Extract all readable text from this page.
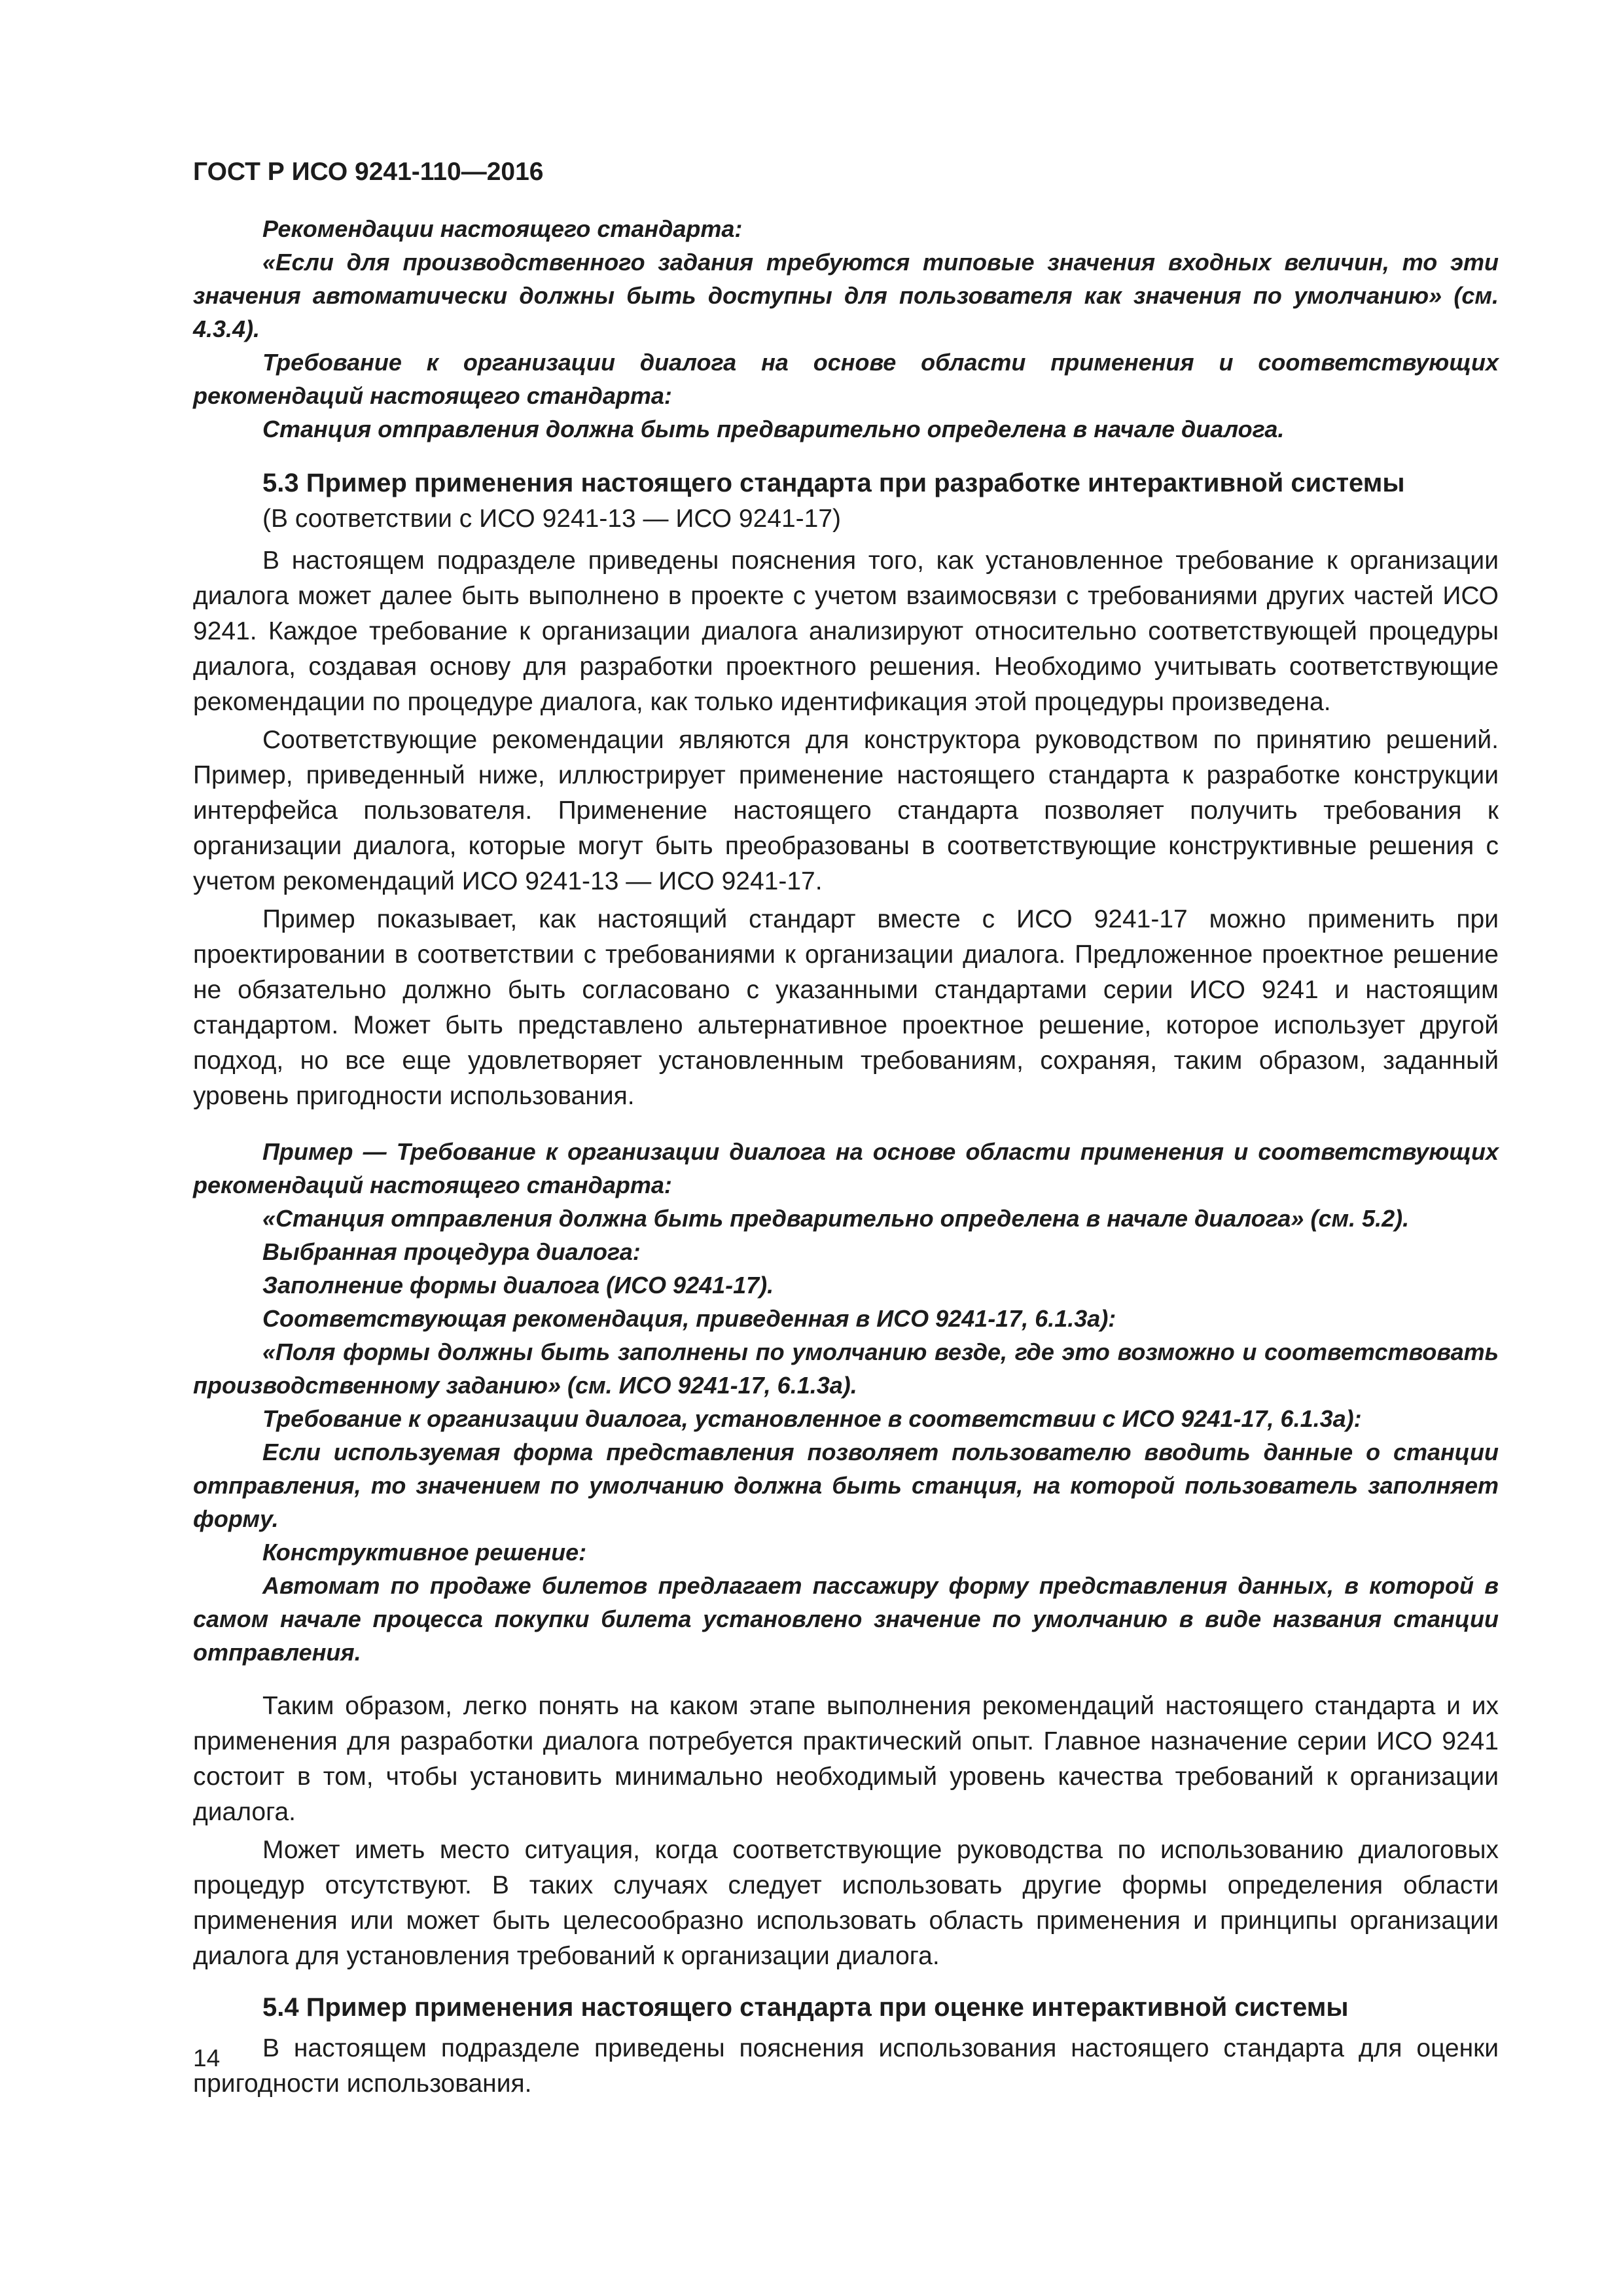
ГОСТ Р ИСО 9241-110—2016

Рекомендации настоящего стандарта:

«Если для производственного задания требуются типовые значения входных величин, то эти значения автоматически должны быть доступны для пользователя как значения по умолчанию» (см. 4.3.4).

Требование к организации диалога на основе области применения и соответствующих рекомендаций настоящего стандарта:

Станция отправления должна быть предварительно определена в начале диалога.

5.3 Пример применения настоящего стандарта при разработке интерактивной системы
(В соответствии с ИСО 9241-13 — ИСО 9241-17)

В настоящем подразделе приведены пояснения того, как установленное требование к организации диалога может далее быть выполнено в проекте с учетом взаимосвязи с требованиями других частей ИСО 9241. Каждое требование к организации диалога анализируют относительно соответствующей процедуры диалога, создавая основу для разработки проектного решения. Необходимо учитывать соответствующие рекомендации по процедуре диалога, как только идентификация этой процедуры произведена.

Соответствующие рекомендации являются для конструктора руководством по принятию решений. Пример, приведенный ниже, иллюстрирует применение настоящего стандарта к разработке конструкции интерфейса пользователя. Применение настоящего стандарта позволяет получить требования к организации диалога, которые могут быть преобразованы в соответствующие конструктивные решения с учетом рекомендаций ИСО 9241-13 — ИСО 9241-17.

Пример показывает, как настоящий стандарт вместе с ИСО 9241-17 можно применить при проектировании в соответствии с требованиями к организации диалога. Предложенное проектное решение не обязательно должно быть согласовано с указанными стандартами серии ИСО 9241 и настоящим стандартом. Может быть представлено альтернативное проектное решение, которое использует другой подход, но все еще удовлетворяет установленным требованиям, сохраняя, таким образом, заданный уровень пригодности использования.

Пример — Требование к организации диалога на основе области применения и соответствующих рекомендаций настоящего стандарта:

«Станция отправления должна быть предварительно определена в начале диалога» (см. 5.2).

Выбранная процедура диалога:

Заполнение формы диалога (ИСО 9241-17).

Соответствующая рекомендация, приведенная в ИСО 9241-17, 6.1.3а):

«Поля формы должны быть заполнены по умолчанию везде, где это возможно и соответствовать производственному заданию» (см. ИСО 9241-17, 6.1.3а).

Требование к организации диалога, установленное в соответствии с ИСО 9241-17, 6.1.3а):

Если используемая форма представления позволяет пользователю вводить данные о станции отправления, то значением по умолчанию должна быть станция, на которой пользователь заполняет форму.

Конструктивное решение:

Автомат по продаже билетов предлагает пассажиру форму представления данных, в которой в самом начале процесса покупки билета установлено значение по умолчанию в виде названия станции отправления.

Таким образом, легко понять на каком этапе выполнения рекомендаций настоящего стандарта и их применения для разработки диалога потребуется практический опыт. Главное назначение серии ИСО 9241 состоит в том, чтобы установить минимально необходимый уровень качества требований к организации диалога.

Может иметь место ситуация, когда соответствующие руководства по использованию диалоговых процедур отсутствуют. В таких случаях следует использовать другие формы определения области применения или может быть целесообразно использовать область применения и принципы организации диалога для установления требований к организации диалога.

5.4 Пример применения настоящего стандарта при оценке интерактивной системы

В настоящем подразделе приведены пояснения использования настоящего стандарта для оценки пригодности использования.

14
